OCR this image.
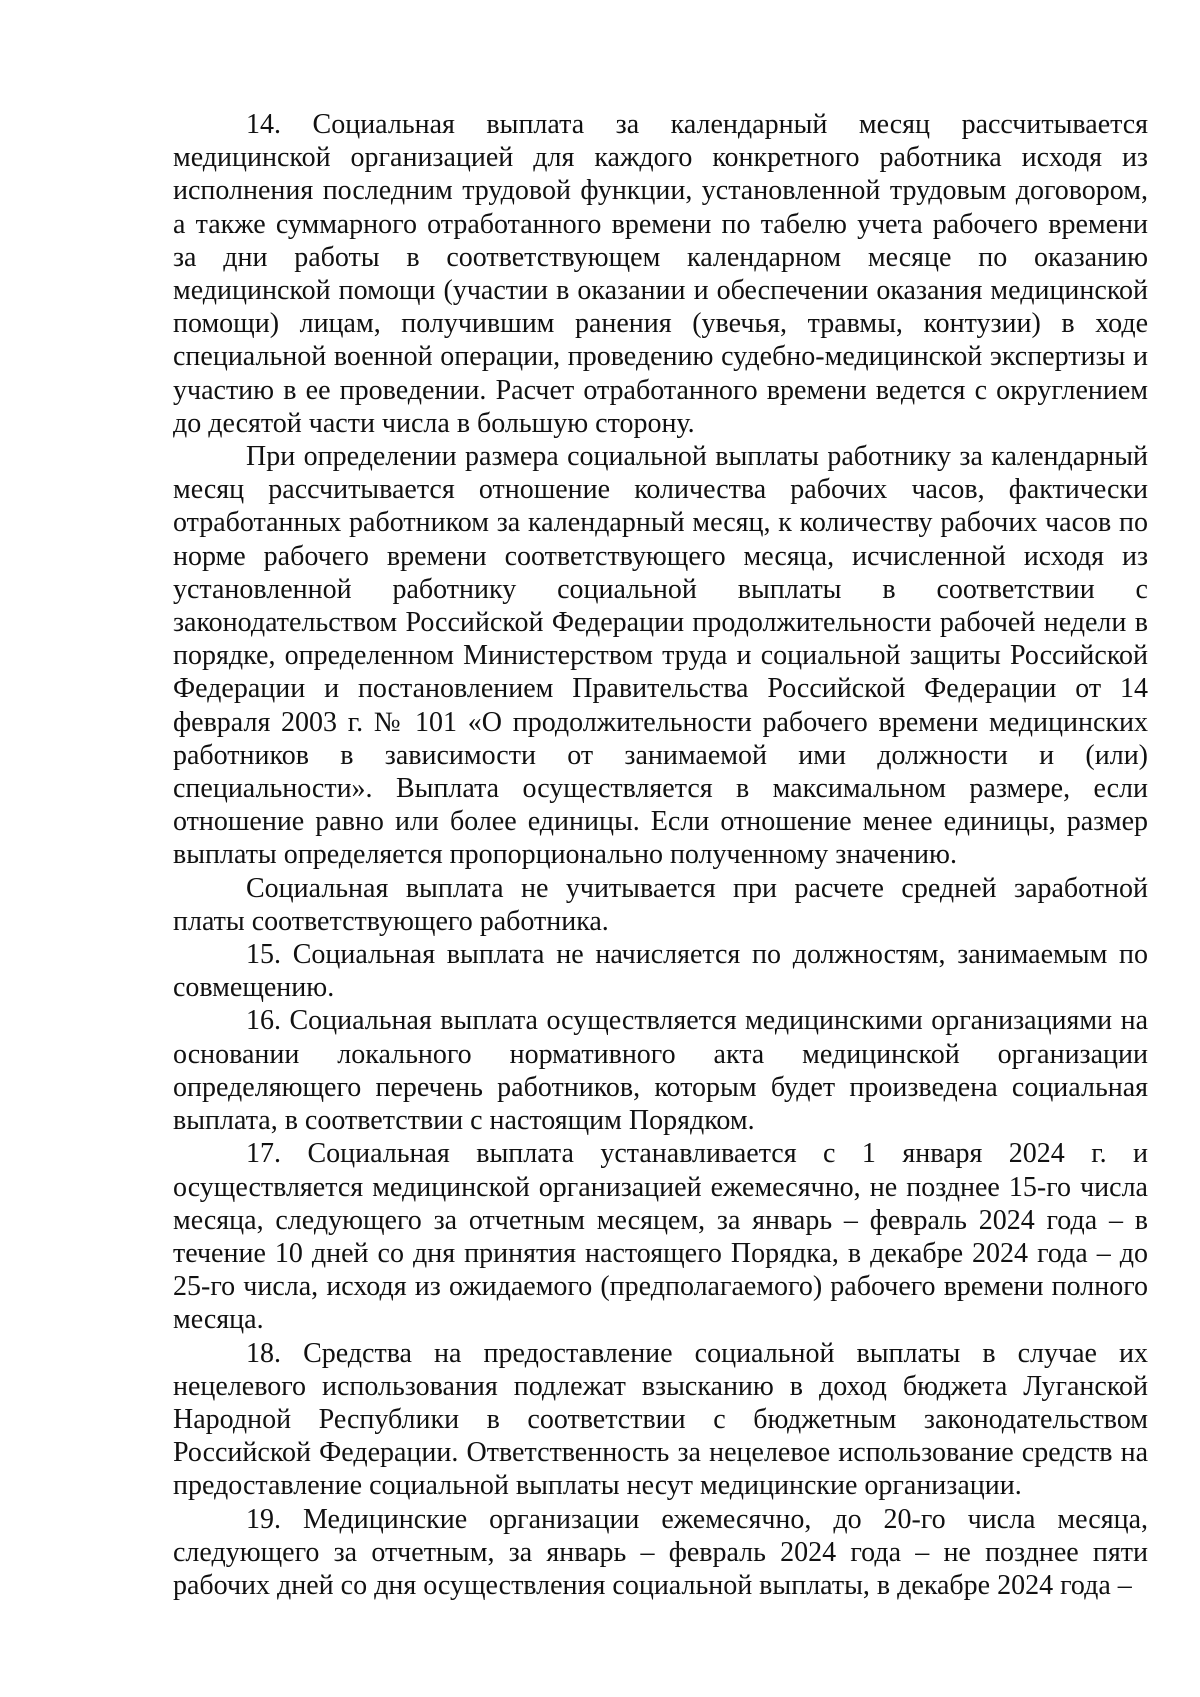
14. Социальная выплата за календарный месяц рассчитывается медицинской организацией для каждого конкретного работника исходя из исполнения последним трудовой функции, установленной трудовым договором, а также суммарного отработанного времени по табелю учета рабочего времени за дни работы в соответствующем календарном месяце по оказанию медицинской помощи (участии в оказании и обеспечении оказания медицинской помощи) лицам, получившим ранения (увечья, травмы, контузии) в ходе специальной военной операции, проведению судебно-медицинской экспертизы и участию в ее проведении. Расчет отработанного времени ведется с округлением до десятой части числа в большую сторону.

При определении размера социальной выплаты работнику за календарный месяц рассчитывается отношение количества рабочих часов, фактически отработанных работником за календарный месяц, к количеству рабочих часов по норме рабочего времени соответствующего месяца, исчисленной исходя из установленной работнику социальной выплаты в соответствии с законодательством Российской Федерации продолжительности рабочей недели в порядке, определенном Министерством труда и социальной защиты Российской Федерации и постановлением Правительства Российской Федерации от 14 февраля 2003 г. № 101 «О продолжительности рабочего времени медицинских работников в зависимости от занимаемой ими должности и (или) специальности». Выплата осуществляется в максимальном размере, если отношение равно или более единицы. Если отношение менее единицы, размер выплаты определяется пропорционально полученному значению.

Социальная выплата не учитывается при расчете средней заработной платы соответствующего работника.

15. Социальная выплата не начисляется по должностям, занимаемым по совмещению.

16. Социальная выплата осуществляется медицинскими организациями на основании локального нормативного акта медицинской организации определяющего перечень работников, которым будет произведена социальная выплата, в соответствии с настоящим Порядком.

17. Социальная выплата устанавливается с 1 января 2024 г. и осуществляется медицинской организацией ежемесячно, не позднее 15-го числа месяца, следующего за отчетным месяцем, за январь – февраль 2024 года – в течение 10 дней со дня принятия настоящего Порядка, в декабре 2024 года – до 25-го числа, исходя из ожидаемого (предполагаемого) рабочего времени полного месяца.

18. Средства на предоставление социальной выплаты в случае их нецелевого использования подлежат взысканию в доход бюджета Луганской Народной Республики в соответствии с бюджетным законодательством Российской Федерации. Ответственность за нецелевое использование средств на предоставление социальной выплаты несут медицинские организации.

19. Медицинские организации ежемесячно, до 20-го числа месяца, следующего за отчетным, за январь – февраль 2024 года – не позднее пяти рабочих дней со дня осуществления социальной выплаты, в декабре 2024 года –
